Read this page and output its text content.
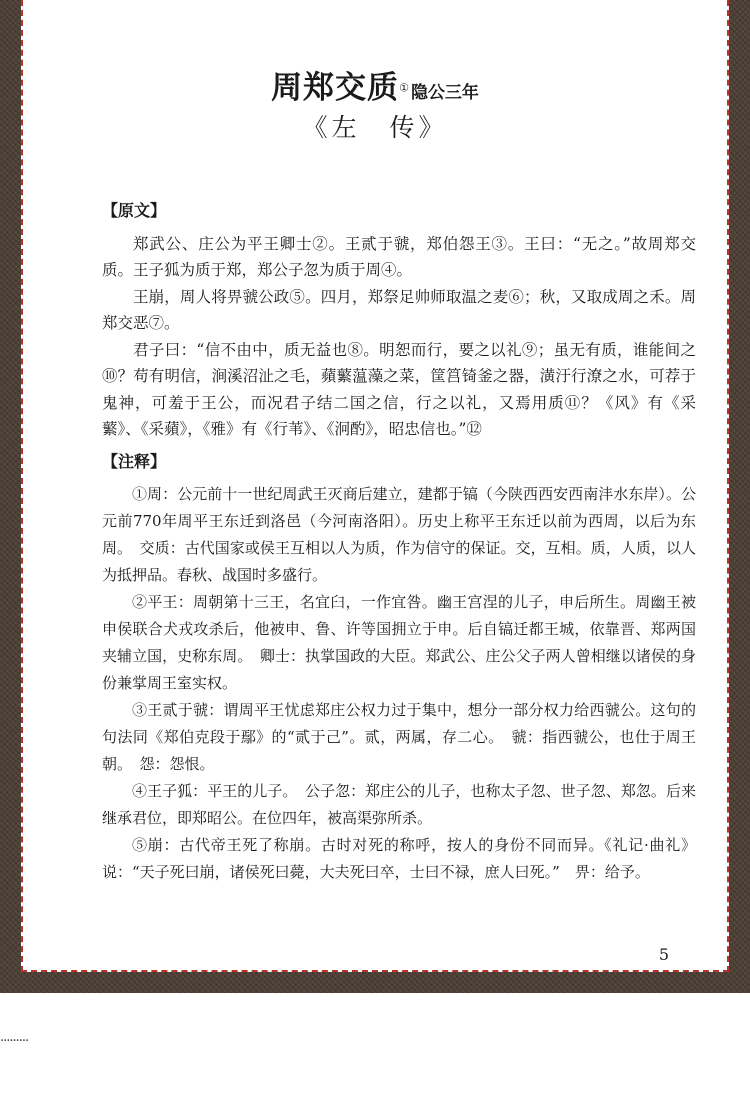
周郑交质① 隐公三年
《左　传》
【原文】

郑武公、庄公为平王卿士②。王贰于虢，郑伯怨王③。王曰：“无之。”故周郑交质。王子狐为质于郑，郑公子忽为质于周④。

王崩，周人将畀虢公政⑤。四月，郑祭足帅师取温之麦⑥；秋，又取成周之禾。周郑交恶⑦。

君子曰：“信不由中，质无益也⑧。明恕而行，要之以礼⑨；虽无有质，谁能间之⑩？苟有明信，涧溪沼沚之毛，蘋蘩蕰藻之菜，筐筥锜釜之器，潢汙行潦之水，可荐于鬼神，可羞于王公，而况君子结二国之信，行之以礼，又焉用质⑪？《风》有《采蘩》、《采蘋》，《雅》有《行苇》、《泂酌》，昭忠信也。”⑫

【注释】

①周：公元前十一世纪周武王灭商后建立，建都于镐（今陕西西安西南沣水东岸）。公元前770年周平王东迁到洛邑（今河南洛阳）。历史上称平王东迁以前为西周，以后为东周。　交质：古代国家或侯王互相以人为质，作为信守的保证。交，互相。质，人质，以人为抵押品。春秋、战国时多盛行。

②平王：周朝第十三王，名宜臼，一作宜咎。幽王宫涅的儿子，申后所生。周幽王被申侯联合犬戎攻杀后，他被申、鲁、许等国拥立于申。后自镐迁都王城，依靠晋、郑两国夹辅立国，史称东周。　卿士：执掌国政的大臣。郑武公、庄公父子两人曾相继以诸侯的身份兼掌周王室实权。

③王贰于虢：谓周平王忧虑郑庄公权力过于集中，想分一部分权力给西虢公。这句的句法同《郑伯克段于鄢》的“贰于己”。贰，两属，存二心。　虢：指西虢公，也仕于周王朝。　怨：怨恨。

④王子狐：平王的儿子。　公子忽：郑庄公的儿子，也称太子忽、世子忽、郑忽。后来继承君位，即郑昭公。在位四年，被高渠弥所杀。

⑤崩：古代帝王死了称崩。古时对死的称呼，按人的身份不同而异。《礼记·曲礼》说：“天子死曰崩，诸侯死曰薨，大夫死曰卒，士曰不禄，庶人曰死。”　畀：给予。

5
.........
